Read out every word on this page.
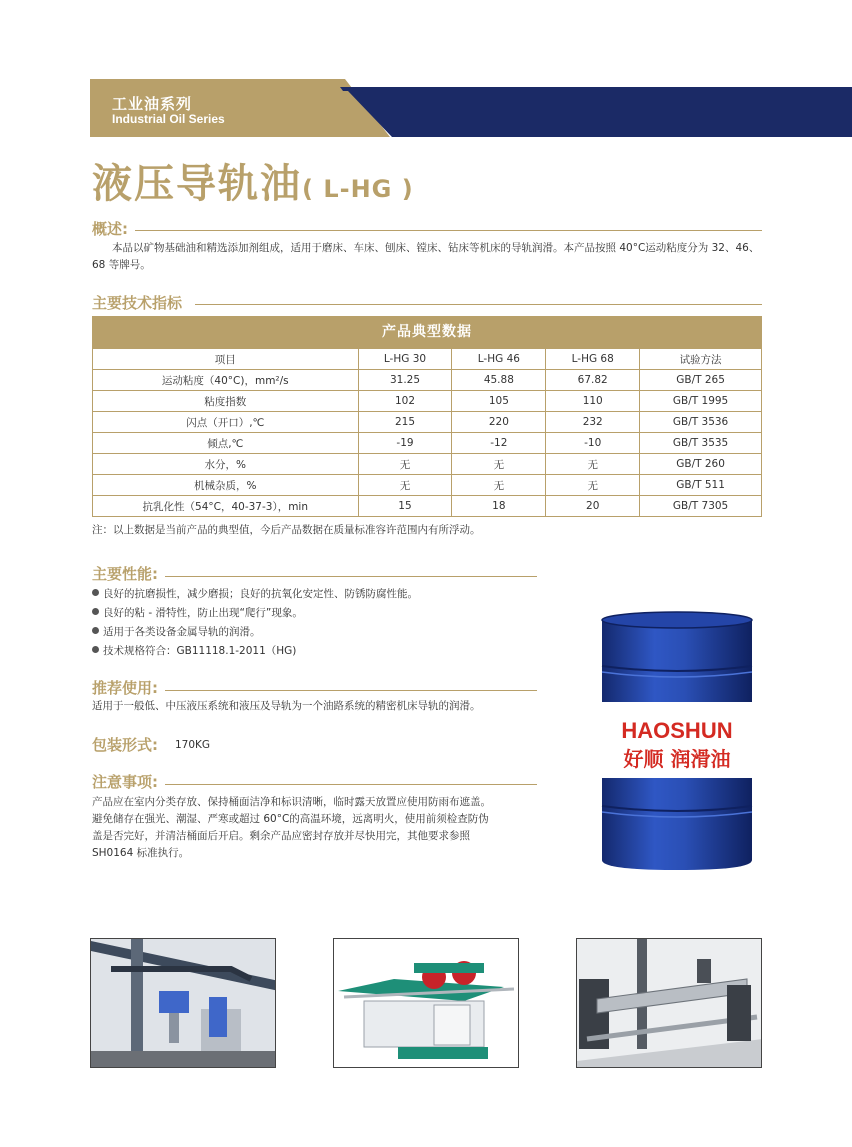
工业油系列
Industrial Oil Series
液压导轨油( L-HG )
概述:
本品以矿物基础油和精选添加剂组成，适用于磨床、车床、刨床、镗床、钻床等机床的导轨润滑。本产品按照 40°C运动粘度分为 32、46、68 等牌号。
主要技术指标
产品典型数据
项目	L-HG 30	L-HG 46	L-HG 68	试验方法
运动粘度（40°C)，mm²/s	31.25	45.88	67.82	GB/T 265
粘度指数	102	105	110	GB/T 1995
闪点（开口）,℃	215	220	232	GB/T 3536
倾点,℃	-19	-12	-10	GB/T 3535
水分，%	无	无	无	GB/T 260
机械杂质，%	无	无	无	GB/T 511
抗乳化性（54°C，40-37-3），min	15	18	20	GB/T 7305
注：以上数据是当前产品的典型值，今后产品数据在质量标准容许范围内有所浮动。
主要性能:
良好的抗磨损性，减少磨损；良好的抗氧化安定性、防锈防腐性能。
良好的粘 - 滑特性，防止出现“爬行”现象。
适用于各类设备金属导轨的润滑。
技术规格符合：GB11118.1-2011（HG)
推荐使用:
适用于一般低、中压液压系统和液压及导轨为一个油路系统的精密机床导轨的润滑。
包装形式: 170KG
注意事项:
产品应在室内分类存放、保持桶面洁净和标识清晰，临时露天放置应使用防雨布遮盖。
避免储存在强光、潮湿、严寒或超过 60°C的高温环境，远离明火，使用前须检查防伪
盖是否完好，并清洁桶面后开启。剩余产品应密封存放并尽快用完，其他要求参照
SH0164 标准执行。
HAOSHUN
好顺 润滑油
